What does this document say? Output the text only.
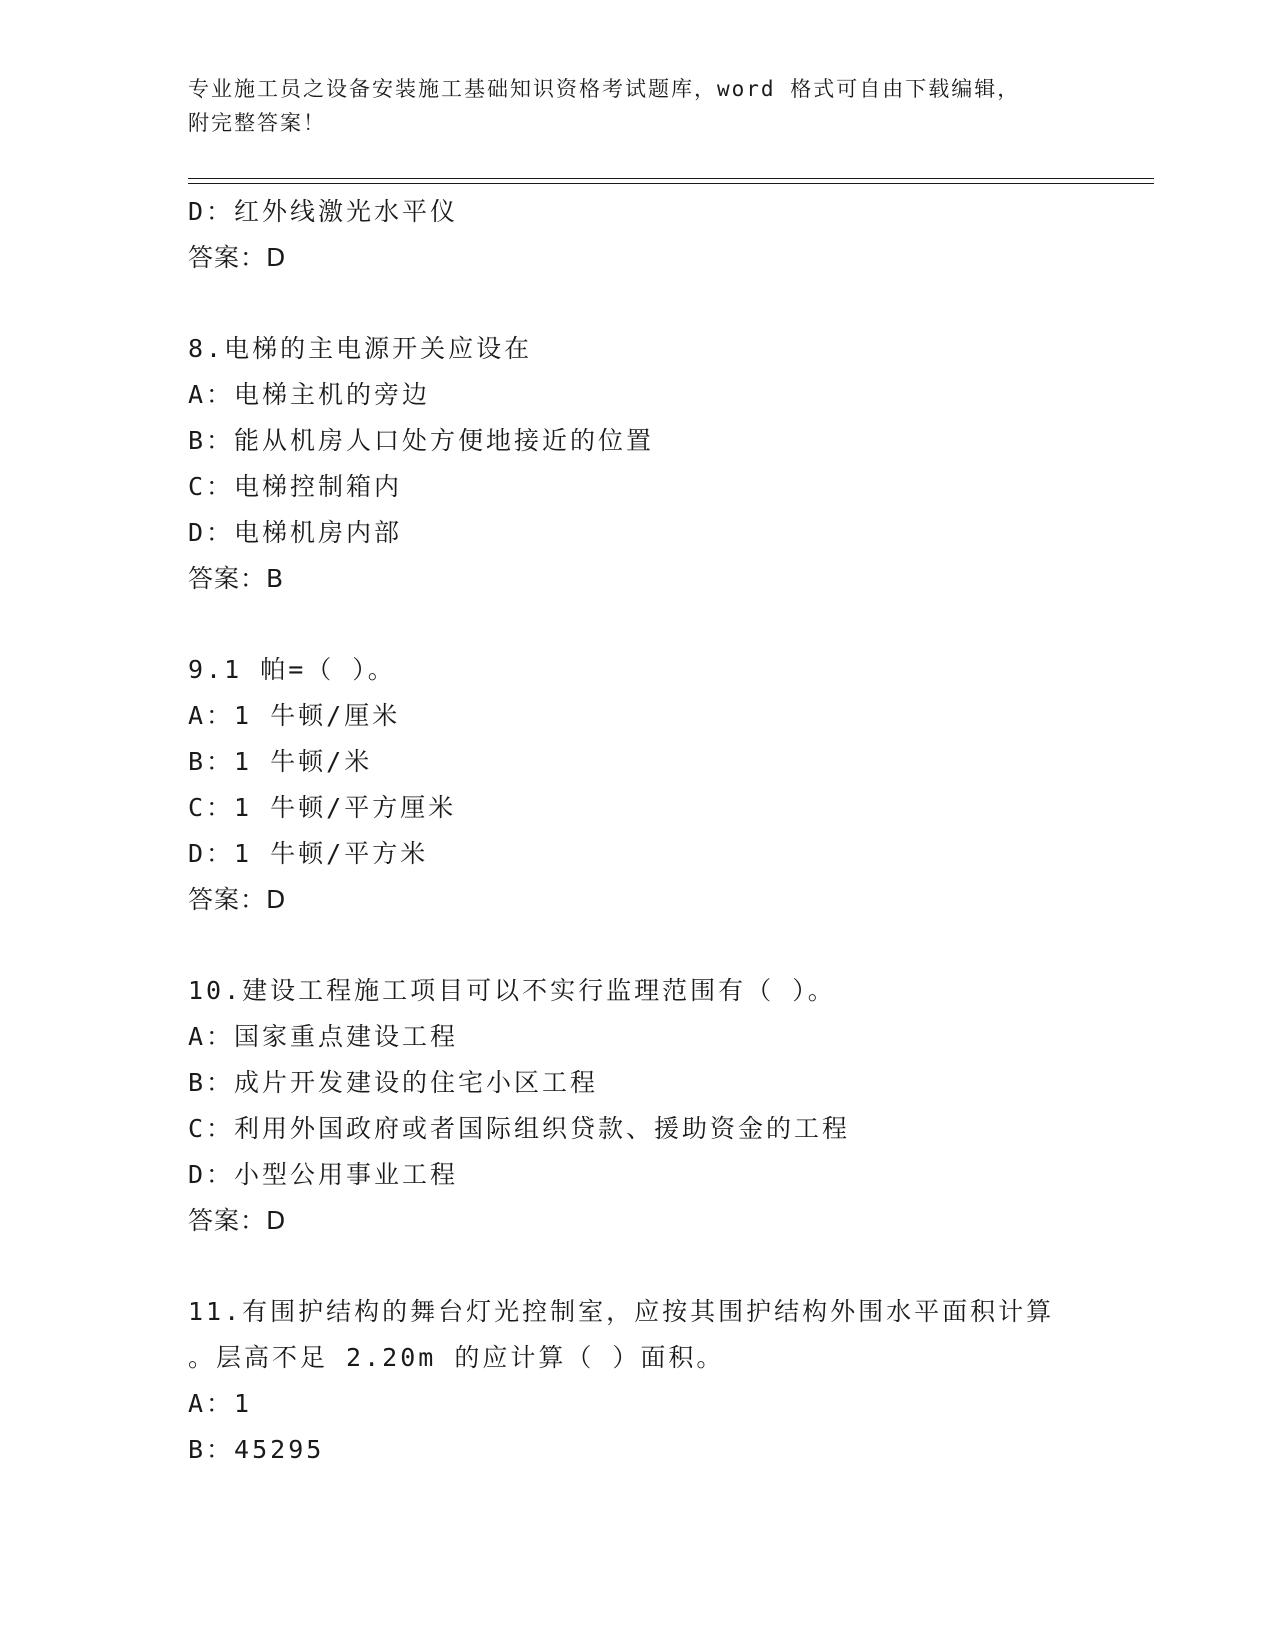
专业施工员之设备安装施工基础知识资格考试题库，word 格式可自由下载编辑，
附完整答案！
D：红外线激光水平仪
答案：D
8.电梯的主电源开关应设在
A：电梯主机的旁边
B：能从机房人口处方便地接近的位置
C：电梯控制箱内
D：电梯机房内部
答案：B
9.1 帕=（ ）。
A：1 牛顿/厘米
B：1 牛顿/米
C：1 牛顿/平方厘米
D：1 牛顿/平方米
答案：D
10.建设工程施工项目可以不实行监理范围有（ ）。
A：国家重点建设工程
B：成片开发建设的住宅小区工程
C：利用外国政府或者国际组织贷款、援助资金的工程
D：小型公用事业工程
答案：D
11.有围护结构的舞台灯光控制室，应按其围护结构外围水平面积计算
。层高不足 2.20m 的应计算（ ）面积。
A：1
B：45295
